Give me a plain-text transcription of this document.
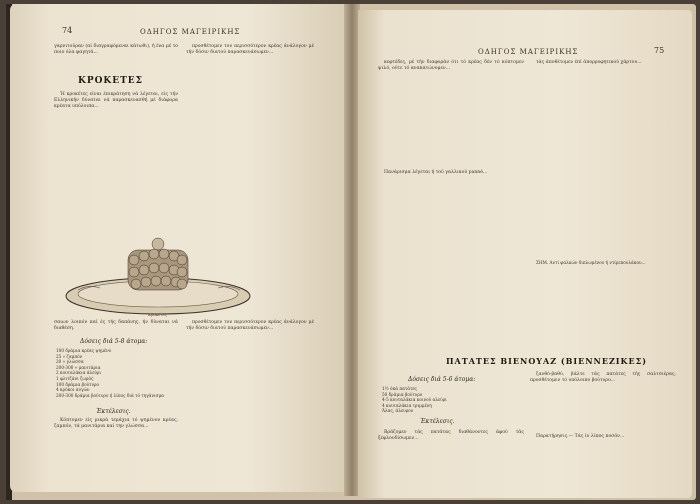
74	ΟΔΗΓΟΣ ΜΑΓΕΙΡΙΚΗΣ
γαρνιτούραν (αί διαγραφόμεναι κάτωθι), ή ένα μέ το ποιο όλα φαγητά...
ΚΡΟΚΕΤΕΣ

Ή κροκέτες είναι έπικράτηση νά λέγεται, είς τήν Ελληνικήν δύναται νά παρασκευασθή μέ διάφορα κρέατα υπόλοιπα...

προσθέτομεν τον περισσότερον κρέας άνάλογον μέ τήν δόσιν διατού παρασκευάσωμεν...

Κροκέτες
σαιων λοιπόν καί ές τής δαπάνης, ήν δύναται νά διαθέση.
Δόσεις διά 5-8 άτομα:
100 δράμια κρέας ψημένο
25 » ζαμπόν
20 » γλώσσα
200-300 » μανιτάρια
2 κουταλάκια άλεύρι
1 φλιτζάνι ζωμός
100 δράμια βούτυρο
4 κρόκοι αυγών
200-300 δράμια βούτυρο ή λίπος διά τό τηγάνισμα
Έκτέλεσις.

Κόπτομεν είς μικρά τεμάχια τό ψημένον κρέας, ζαμπόν, τά μανιτάρια καί την γλώσσα...

προσθέτομεν τον περισσότερον κρέας άνάλογον μέ τήν δόσιν διατού παρασκευάσωμεν...

ΟΔΗΓΟΣ ΜΑΓΕΙΡΙΚΗΣ	75

κεφτέδες, μέ τήν διαφοράν ότι τό κρέας δέν τό κόπτομεν ψιλό, ούτε τό ανακατώνομεν...

Πανάρισμα λέγεται ή τού γαλλικού panné...

τάς άποθέτομεν έπί άπορροφητικού χάρτου...

ΣΗΜ. Αντί φαλκών διπλωμένου ή ντίρεπουλάκου...

ΠΑΤΑΤΕΣ ΒΙΕΝΟΥΑΖ (ΒΙΕΝΝΕΖΙΚΕΣ)
Δόσεις διά 5-6 άτομα:
1½ όκά πατάτες
50 δράμια βούτυρο
4-5 κουταλάκια κοινού αλεύρι
4 κουταλάκια τριμμένη
Άλας, άλευρον
Έκτέλεσις.

Βράζομεν τάς πατάτας διαθάνοντες άφού τάς ξεφλουδίσωμεν...

ζανθό-βαθύ, βάλτε τάς πατάτες τής σαλτσιέρας, προσθέτομεν τό υπόλοιπο βούτυρο...

Παρατήρησις.— Τάς ίν λίπος ποσόν...
